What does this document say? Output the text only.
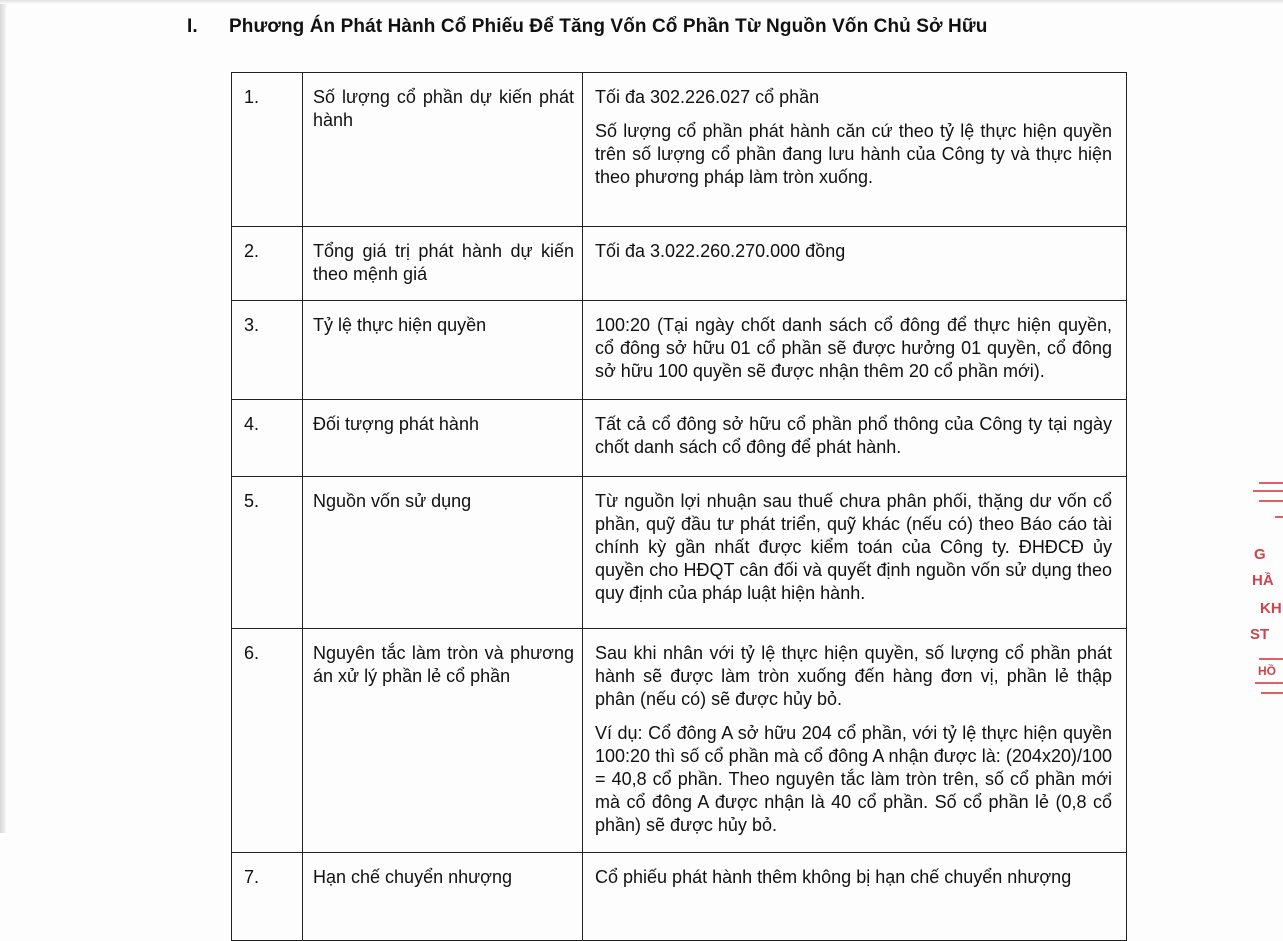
I. Phương Án Phát Hành Cổ Phiếu Để Tăng Vốn Cổ Phần Từ Nguồn Vốn Chủ Sở Hữu
1.	Số lượng cổ phần dự kiến phát hành	Tối đa 302.226.027 cổ phần

Số lượng cổ phần phát hành căn cứ theo tỷ lệ thực hiện quyền trên số lượng cổ phần đang lưu hành của Công ty và thực hiện theo phương pháp làm tròn xuống.

2.	Tổng giá trị phát hành dự kiến theo mệnh giá	Tối đa 3.022.260.270.000 đồng

3.	Tỷ lệ thực hiện quyền	100:20 (Tại ngày chốt danh sách cổ đông để thực hiện quyền, cổ đông sở hữu 01 cổ phần sẽ được hưởng 01 quyền, cổ đông sở hữu 100 quyền sẽ được nhận thêm 20 cổ phần mới).

4.	Đối tượng phát hành	Tất cả cổ đông sở hữu cổ phần phổ thông của Công ty tại ngày chốt danh sách cổ đông để phát hành.

5.	Nguồn vốn sử dụng	Từ nguồn lợi nhuận sau thuế chưa phân phối, thặng dư vốn cổ phần, quỹ đầu tư phát triển, quỹ khác (nếu có) theo Báo cáo tài chính kỳ gần nhất được kiểm toán của Công ty. ĐHĐCĐ ủy quyền cho HĐQT cân đối và quyết định nguồn vốn sử dụng theo quy định của pháp luật hiện hành.

6.	Nguyên tắc làm tròn và phương án xử lý phần lẻ cổ phần	Sau khi nhân với tỷ lệ thực hiện quyền, số lượng cổ phần phát hành sẽ được làm tròn xuống đến hàng đơn vị, phần lẻ thập phân (nếu có) sẽ được hủy bỏ.

Ví dụ: Cổ đông A sở hữu 204 cổ phần, với tỷ lệ thực hiện quyền 100:20 thì số cổ phần mà cổ đông A nhận được là: (204x20)/100 = 40,8 cổ phần. Theo nguyên tắc làm tròn trên, số cổ phần mới mà cổ đông A được nhận là 40 cổ phần. Số cổ phần lẻ (0,8 cổ phần) sẽ được hủy bỏ.

7.	Hạn chế chuyển nhượng	Cổ phiếu phát hành thêm không bị hạn chế chuyển nhượng

G
HẦ
KH
ST
HỒ
